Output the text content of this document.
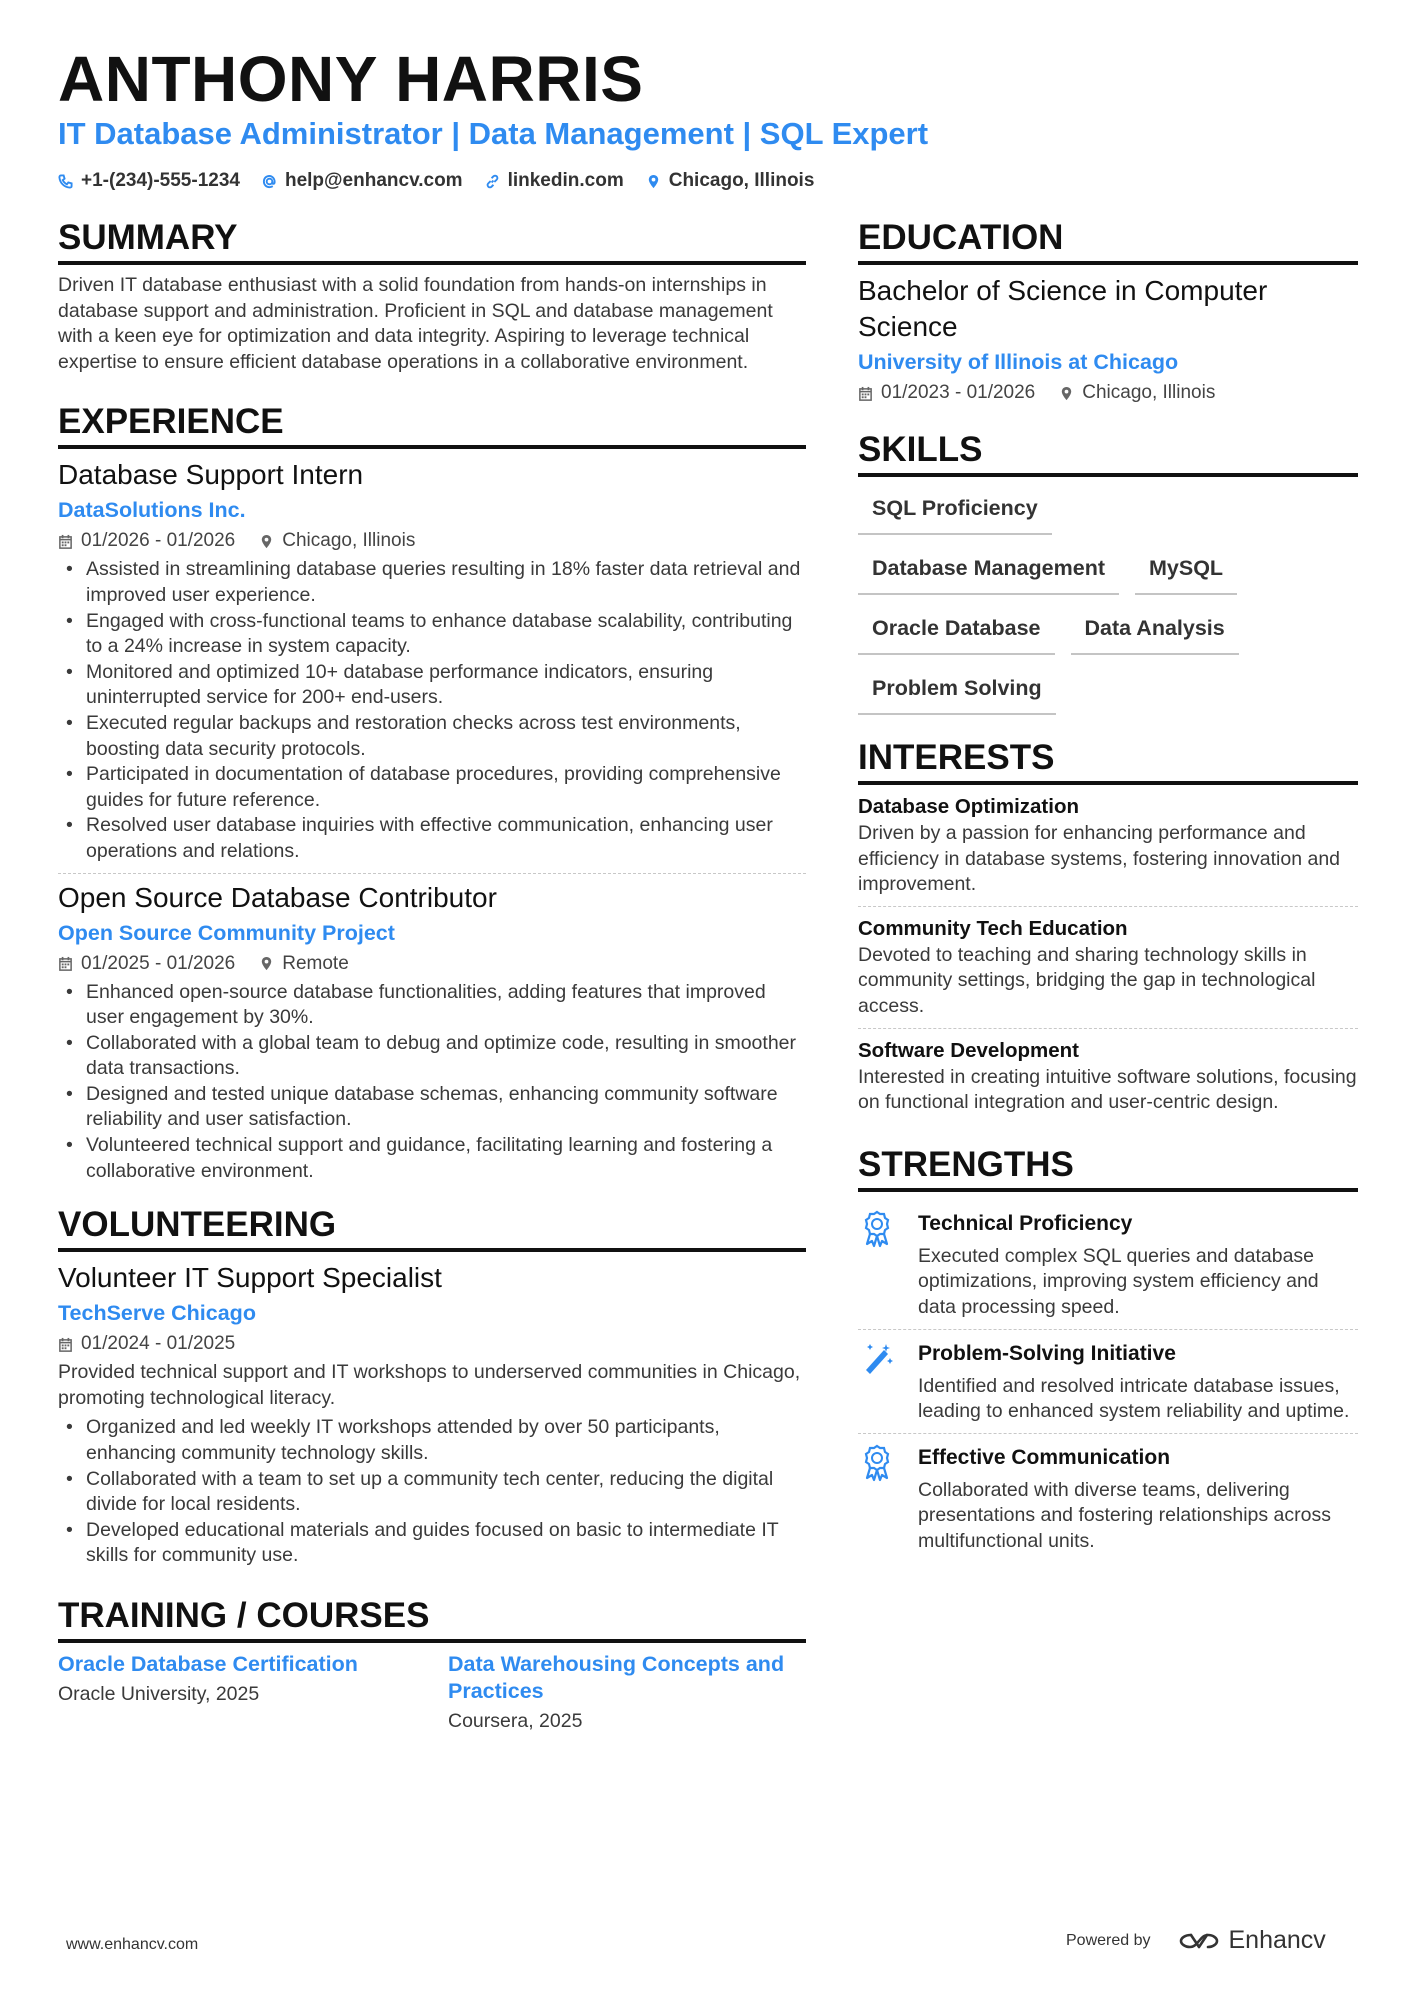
ANTHONY HARRIS
IT Database Administrator | Data Management | SQL Expert
+1-(234)-555-1234 help@enhancv.com linkedin.com Chicago, Illinois
SUMMARY
Driven IT database enthusiast with a solid foundation from hands-on internships in database support and administration. Proficient in SQL and database management with a keen eye for optimization and data integrity. Aspiring to leverage technical expertise to ensure efficient database operations in a collaborative environment.
EXPERIENCE
Database Support Intern
DataSolutions Inc.
01/2026 - 01/2026 Chicago, Illinois
• Assisted in streamlining database queries resulting in 18% faster data retrieval and improved user experience.
• Engaged with cross-functional teams to enhance database scalability, contributing to a 24% increase in system capacity.
• Monitored and optimized 10+ database performance indicators, ensuring uninterrupted service for 200+ end-users.
• Executed regular backups and restoration checks across test environments, boosting data security protocols.
• Participated in documentation of database procedures, providing comprehensive guides for future reference.
• Resolved user database inquiries with effective communication, enhancing user operations and relations.
Open Source Database Contributor
Open Source Community Project
01/2025 - 01/2026 Remote
• Enhanced open-source database functionalities, adding features that improved user engagement by 30%.
• Collaborated with a global team to debug and optimize code, resulting in smoother data transactions.
• Designed and tested unique database schemas, enhancing community software reliability and user satisfaction.
• Volunteered technical support and guidance, facilitating learning and fostering a collaborative environment.
VOLUNTEERING
Volunteer IT Support Specialist
TechServe Chicago
01/2024 - 01/2025
Provided technical support and IT workshops to underserved communities in Chicago, promoting technological literacy.
• Organized and led weekly IT workshops attended by over 50 participants, enhancing community technology skills.
• Collaborated with a team to set up a community tech center, reducing the digital divide for local residents.
• Developed educational materials and guides focused on basic to intermediate IT skills for community use.
TRAINING / COURSES
Oracle Database Certification
Oracle University, 2025
Data Warehousing Concepts and Practices
Coursera, 2025
EDUCATION
Bachelor of Science in Computer Science
University of Illinois at Chicago
01/2023 - 01/2026 Chicago, Illinois
SKILLS
SQL Proficiency
Database Management	MySQL
Oracle Database	Data Analysis
Problem Solving
INTERESTS
Database Optimization
Driven by a passion for enhancing performance and efficiency in database systems, fostering innovation and improvement.
Community Tech Education
Devoted to teaching and sharing technology skills in community settings, bridging the gap in technological access.
Software Development
Interested in creating intuitive software solutions, focusing on functional integration and user-centric design.
STRENGTHS
Technical Proficiency
Executed complex SQL queries and database optimizations, improving system efficiency and data processing speed.
Problem-Solving Initiative
Identified and resolved intricate database issues, leading to enhanced system reliability and uptime.
Effective Communication
Collaborated with diverse teams, delivering presentations and fostering relationships across multifunctional units.
www.enhancv.com	Powered by	Enhancv
